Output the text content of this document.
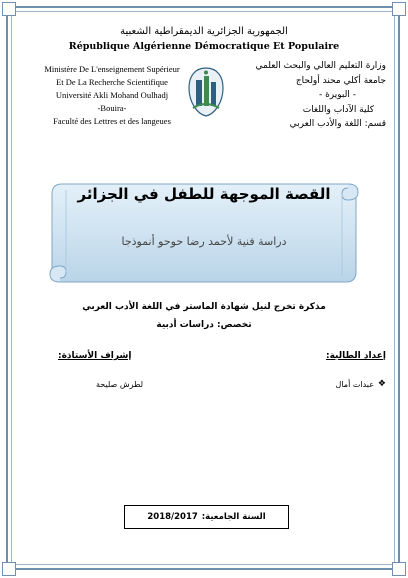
الجمهورية الجزائرية الديمقراطية الشعبية
République Algérienne Démocratique Et Populaire
Ministère De L'enseignement Supérieur
Et De La Recherche Scientifique
Université Akli Mohand Oulhadj
-Bouira-
Faculté des Lettres et des langeues
وزارة التعليم العالي والبحث العلمي
جامعة أكلي محند أولحاج
- البويرة -
كلية الآداب واللغات
قسم: اللغة والأدب العربي
القصة الموجهة للطفل في الجزائر
دراسة فنية لأحمد رضا حوحو أنموذجا
مذكرة تخرج لنيل شهادة الماستر في اللغة الأدب العربي
تخصص: دراسات أدبية
إعداد الطالبة:
إشراف الأستاذة:
❖
عبدات أمال
لطرش صليحة
السنة الجامعية:
2018/2017
